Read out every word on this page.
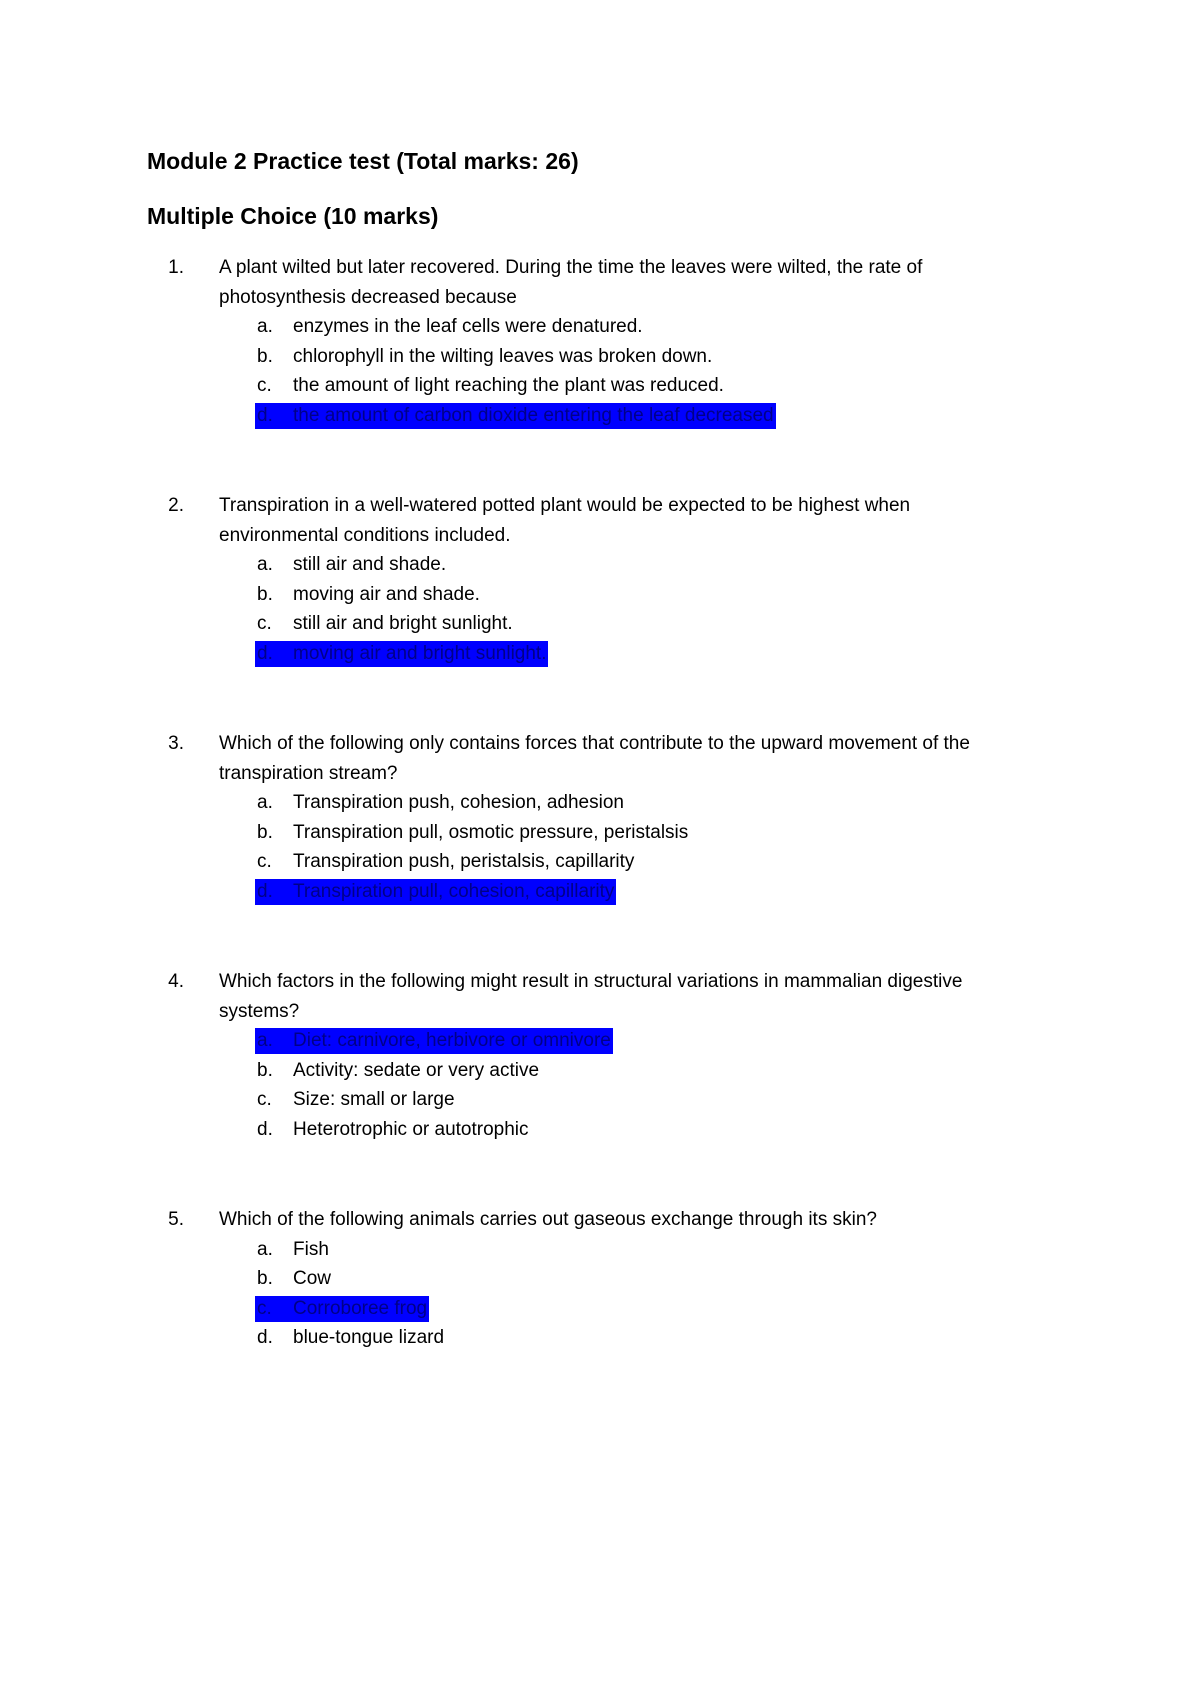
Module 2 Practice test (Total marks: 26)
Multiple Choice (10 marks)
1. A plant wilted but later recovered. During the time the leaves were wilted, the rate of
photosynthesis decreased because
a. enzymes in the leaf cells were denatured.
b. chlorophyll in the wilting leaves was broken down.
c. the amount of light reaching the plant was reduced.
d. the amount of carbon dioxide entering the leaf decreased
2. Transpiration in a well-watered potted plant would be expected to be highest when
environmental conditions included.
a. still air and shade.
b. moving air and shade.
c. still air and bright sunlight.
d. moving air and bright sunlight.
3. Which of the following only contains forces that contribute to the upward movement of the
transpiration stream?
a. Transpiration push, cohesion, adhesion
b. Transpiration pull, osmotic pressure, peristalsis
c. Transpiration push, peristalsis, capillarity
d. Transpiration pull, cohesion, capillarity
4. Which factors in the following might result in structural variations in mammalian digestive
systems?
a. Diet: carnivore, herbivore or omnivore
b. Activity: sedate or very active
c. Size: small or large
d. Heterotrophic or autotrophic
5. Which of the following animals carries out gaseous exchange through its skin?
a. Fish
b. Cow
c. Corroboree frog
d. blue-tongue lizard
